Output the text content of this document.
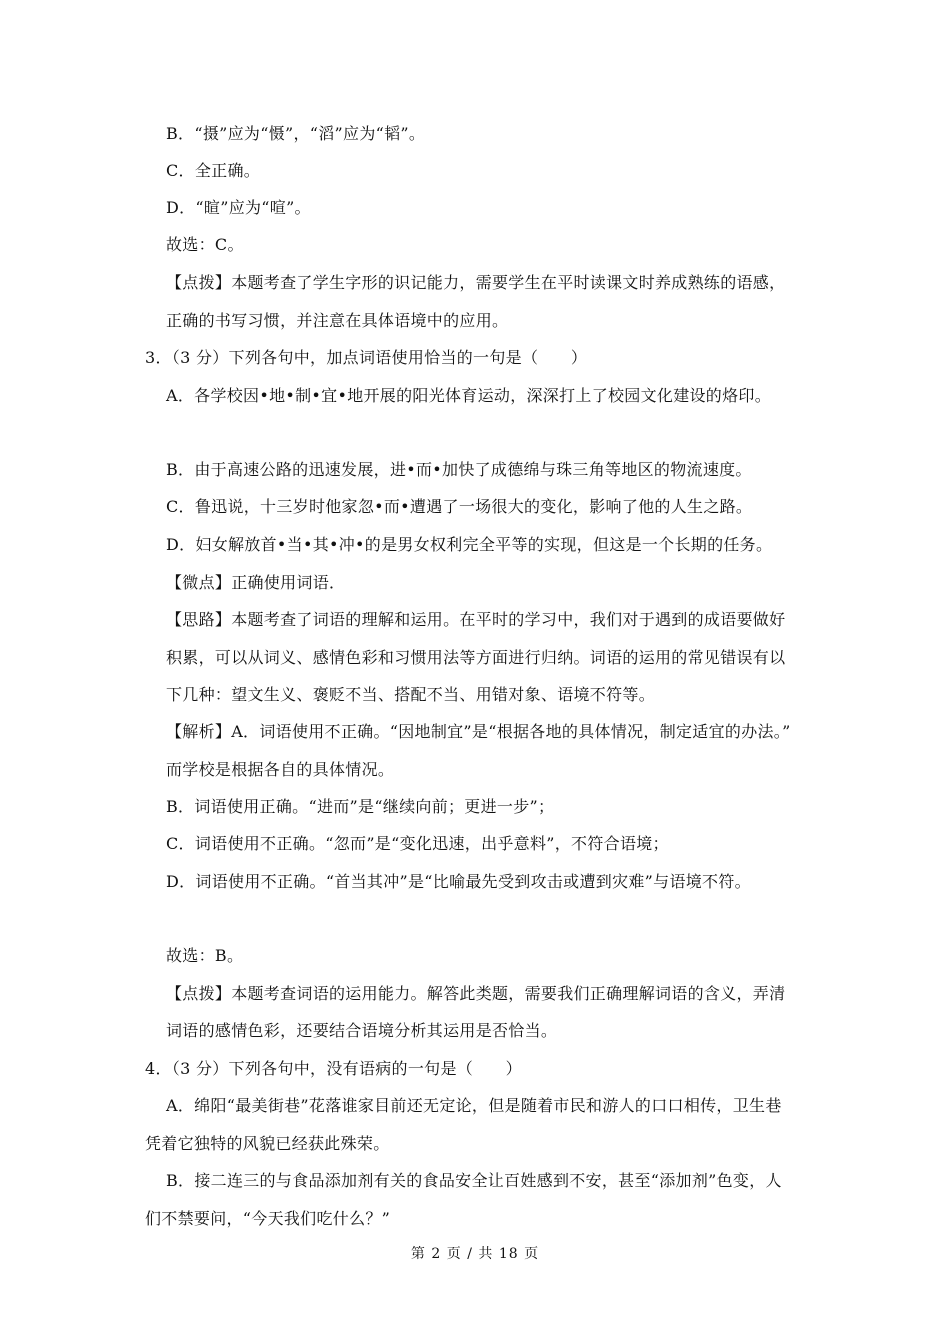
B．“摄”应为“慑”，“滔”应为“韬”。
C．全正确。
D．“暄”应为“喧”。
故选：C。
【点拨】本题考查了学生字形的识记能力，需要学生在平时读课文时养成熟练的语感，
正确的书写习惯，并注意在具体语境中的应用。
3．（3 分）下列各句中，加点词语使用恰当的一句是（　　）
A．各学校因•地•制•宜•地开展的阳光体育运动，深深打上了校园文化建设的烙印。
B．由于高速公路的迅速发展，进•而•加快了成德绵与珠三角等地区的物流速度。
C．鲁迅说，十三岁时他家忽•而•遭遇了一场很大的变化，影响了他的人生之路。
D．妇女解放首•当•其•冲•的是男女权利完全平等的实现，但这是一个长期的任务。
【微点】正确使用词语．
【思路】本题考查了词语的理解和运用。在平时的学习中，我们对于遇到的成语要做好
积累，可以从词义、感情色彩和习惯用法等方面进行归纳。词语的运用的常见错误有以
下几种：望文生义、褒贬不当、搭配不当、用错对象、语境不符等。
【解析】A．词语使用不正确。“因地制宜”是“根据各地的具体情况，制定适宜的办法。”
而学校是根据各自的具体情况。
B．词语使用正确。“进而”是“继续向前；更进一步”；
C．词语使用不正确。“忽而”是“变化迅速，出乎意料”，不符合语境；
D．词语使用不正确。“首当其冲”是“比喻最先受到攻击或遭到灾难”与语境不符。
故选：B。
【点拨】本题考查词语的运用能力。解答此类题，需要我们正确理解词语的含义，弄清
词语的感情色彩，还要结合语境分析其运用是否恰当。
4．（3 分）下列各句中，没有语病的一句是（　　）
A．绵阳“最美街巷”花落谁家目前还无定论，但是随着市民和游人的口口相传，卫生巷
凭着它独特的风貌已经获此殊荣。
B．接二连三的与食品添加剂有关的食品安全让百姓感到不安，甚至“添加剂”色变，人
们不禁要问，“今天我们吃什么？”
第 2 页 / 共 18 页
